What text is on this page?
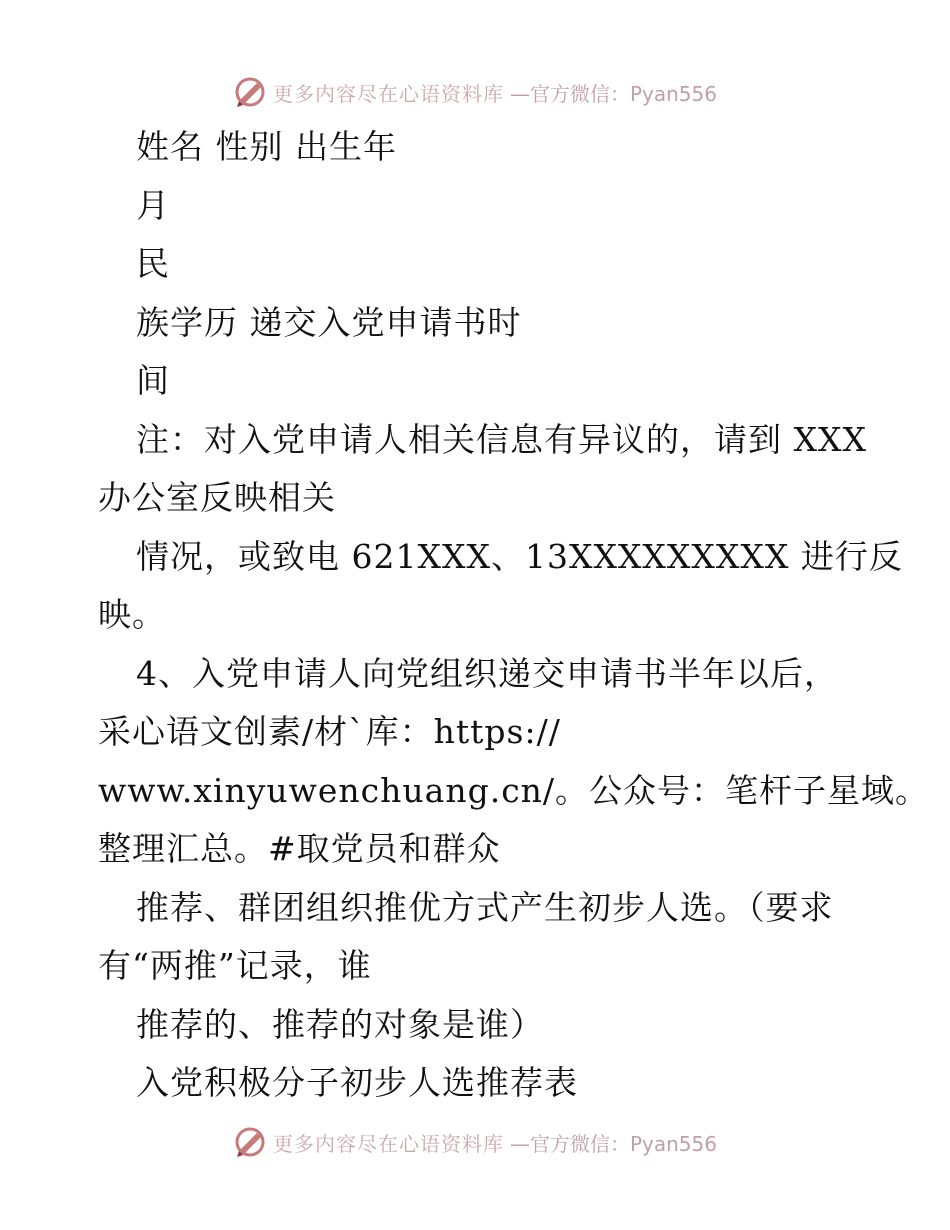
更多内容尽在心语资料库 —官方微信：Pyan556
姓名 性别 出生年
月
民
族学历 递交入党申请书时
间
注：对入党申请人相关信息有异议的，请到 XXX
办公室反映相关
情况，或致电 621XXX、13XXXXXXXXX 进行反
映。
4、入党申请人向党组织递交申请书半年以后，
采心语文创素/材`库：https://
www.xinyuwenchuang.cn/。公众号：笔杆子星域。
整理汇总。#取党员和群众
推荐、群团组织推优方式产生初步人选。（要求
有“两推”记录，谁
推荐的、推荐的对象是谁）
入党积极分子初步人选推荐表
更多内容尽在心语资料库 —官方微信：Pyan556
